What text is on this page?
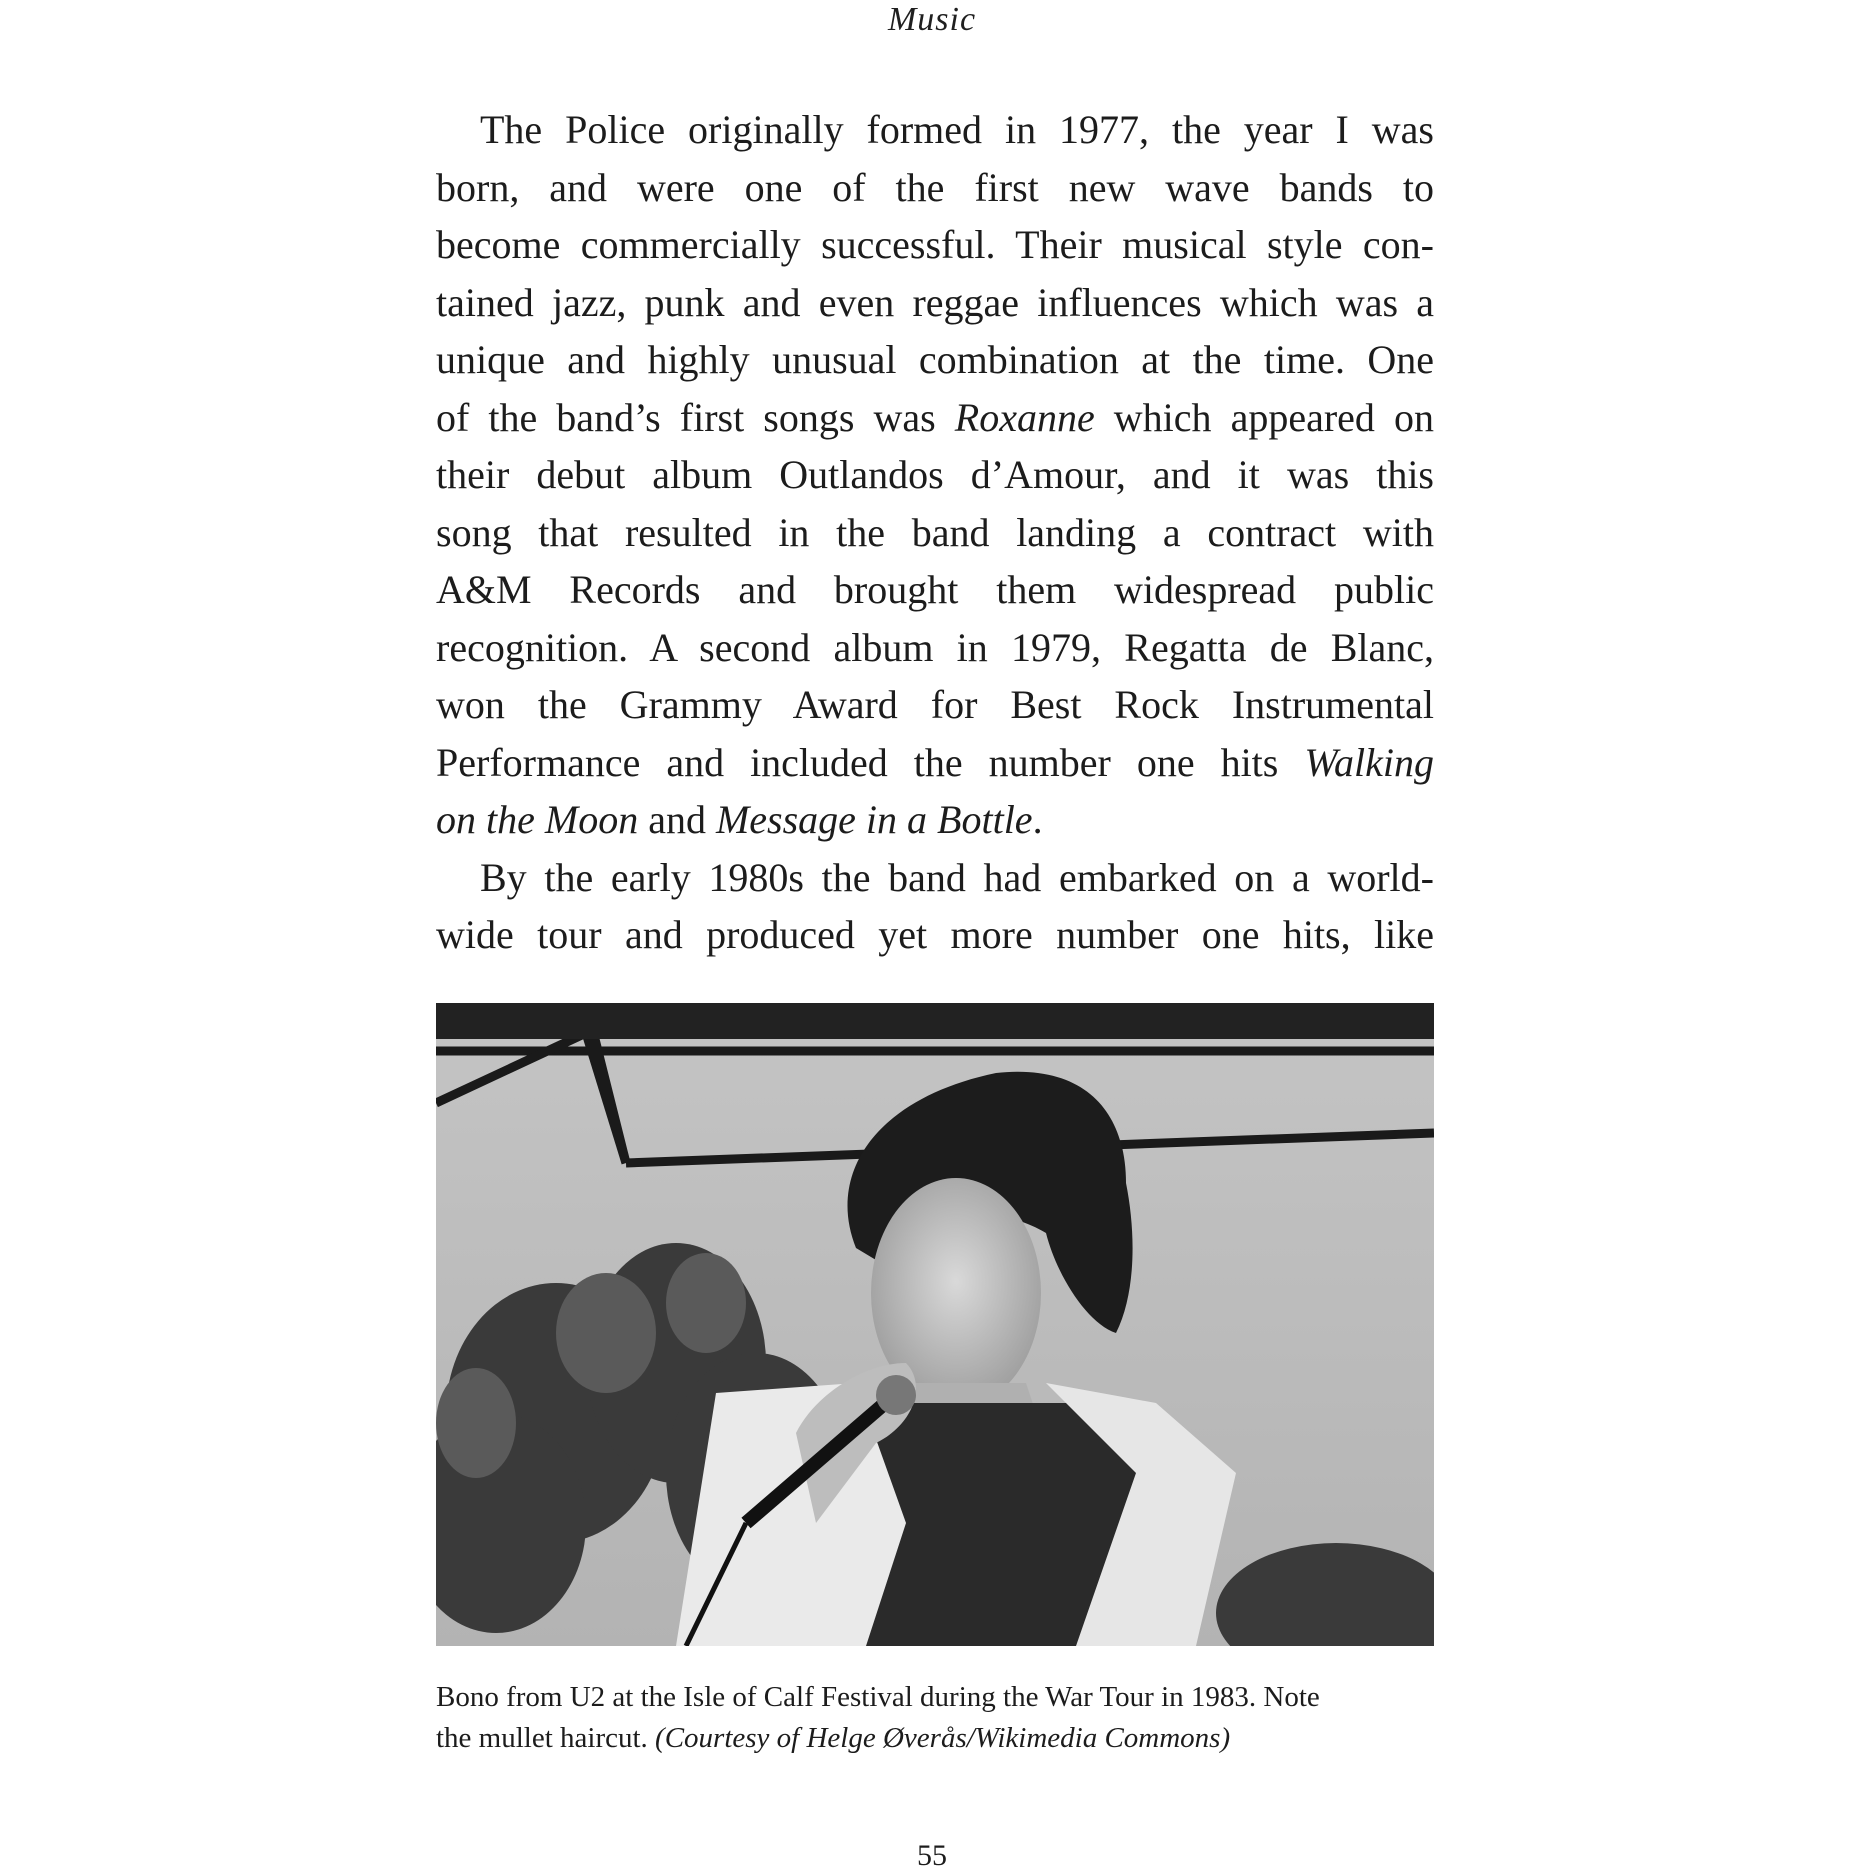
Music
The Police originally formed in 1977, the year I was
born, and were one of the first new wave bands to
become commercially successful. Their musical style con-
tained jazz, punk and even reggae influences which was a
unique and highly unusual combination at the time. One
of the band’s first songs was Roxanne which appeared on
their debut album Outlandos d’Amour, and it was this
song that resulted in the band landing a contract with
A&M Records and brought them widespread public
recognition. A second album in 1979, Regatta de Blanc,
won the Grammy Award for Best Rock Instrumental
Performance and included the number one hits Walking
on the Moon and Message in a Bottle.
By the early 1980s the band had embarked on a world-
wide tour and produced yet more number one hits, like
Bono from U2 at the Isle of Calf Festival during the War Tour in 1983. Note
the mullet haircut. (Courtesy of Helge Øverås/Wikimedia Commons)
55
